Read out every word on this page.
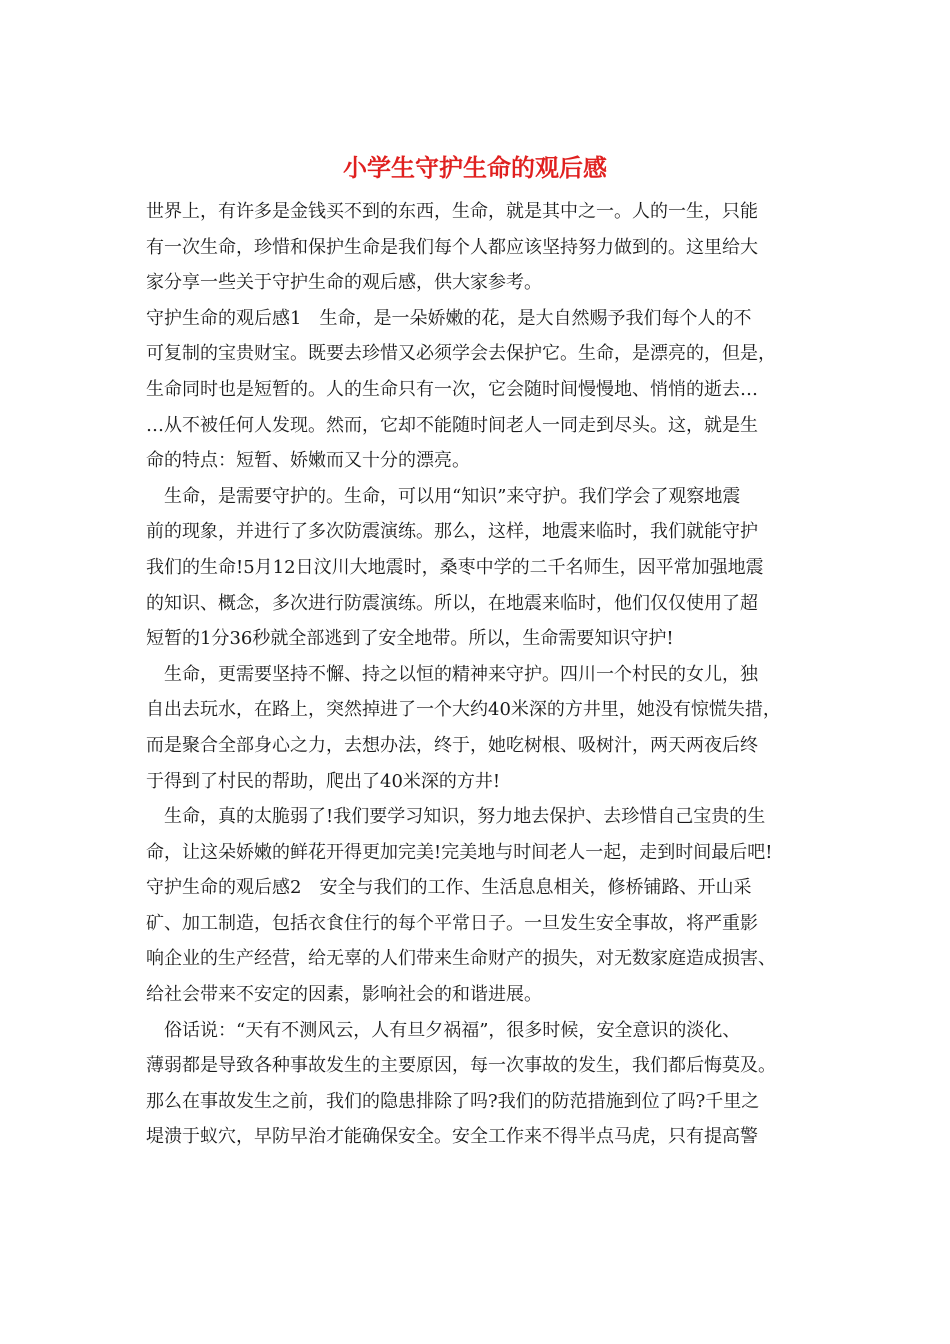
小学生守护生命的观后感

世界上，有许多是金钱买不到的东西，生命，就是其中之一。人的一生，只能

有一次生命，珍惜和保护生命是我们每个人都应该坚持努力做到的。这里给大

家分享一些关于守护生命的观后感，供大家参考。

守护生命的观后感1　生命，是一朵娇嫩的花，是大自然赐予我们每个人的不

可复制的宝贵财宝。既要去珍惜又必须学会去保护它。生命，是漂亮的，但是，

生命同时也是短暂的。人的生命只有一次，它会随时间慢慢地、悄悄的逝去…

…从不被任何人发现。然而，它却不能随时间老人一同走到尽头。这，就是生

命的特点：短暂、娇嫩而又十分的漂亮。

　生命，是需要守护的。生命，可以用“知识”来守护。我们学会了观察地震

前的现象，并进行了多次防震演练。那么，这样，地震来临时，我们就能守护

我们的生命!5月12日汶川大地震时，桑枣中学的二千名师生，因平常加强地震

的知识、概念，多次进行防震演练。所以，在地震来临时，他们仅仅使用了超

短暂的1分36秒就全部逃到了安全地带。所以，生命需要知识守护!

　生命，更需要坚持不懈、持之以恒的精神来守护。四川一个村民的女儿，独

自出去玩水，在路上，突然掉进了一个大约40米深的方井里，她没有惊慌失措，

而是聚合全部身心之力，去想办法，终于，她吃树根、吸树汁，两天两夜后终

于得到了村民的帮助，爬出了40米深的方井!

　生命，真的太脆弱了!我们要学习知识，努力地去保护、去珍惜自己宝贵的生

命，让这朵娇嫩的鲜花开得更加完美!完美地与时间老人一起，走到时间最后吧!

守护生命的观后感2　安全与我们的工作、生活息息相关，修桥铺路、开山采

矿、加工制造，包括衣食住行的每个平常日子。一旦发生安全事故，将严重影

响企业的生产经营，给无辜的人们带来生命财产的损失，对无数家庭造成损害、

给社会带来不安定的因素，影响社会的和谐进展。

　俗话说：“天有不测风云，人有旦夕祸福”，很多时候，安全意识的淡化、

薄弱都是导致各种事故发生的主要原因，每一次事故的发生，我们都后悔莫及。

那么在事故发生之前，我们的隐患排除了吗?我们的防范措施到位了吗?千里之

堤溃于蚁穴，早防早治才能确保安全。安全工作来不得半点马虎，只有提高警
